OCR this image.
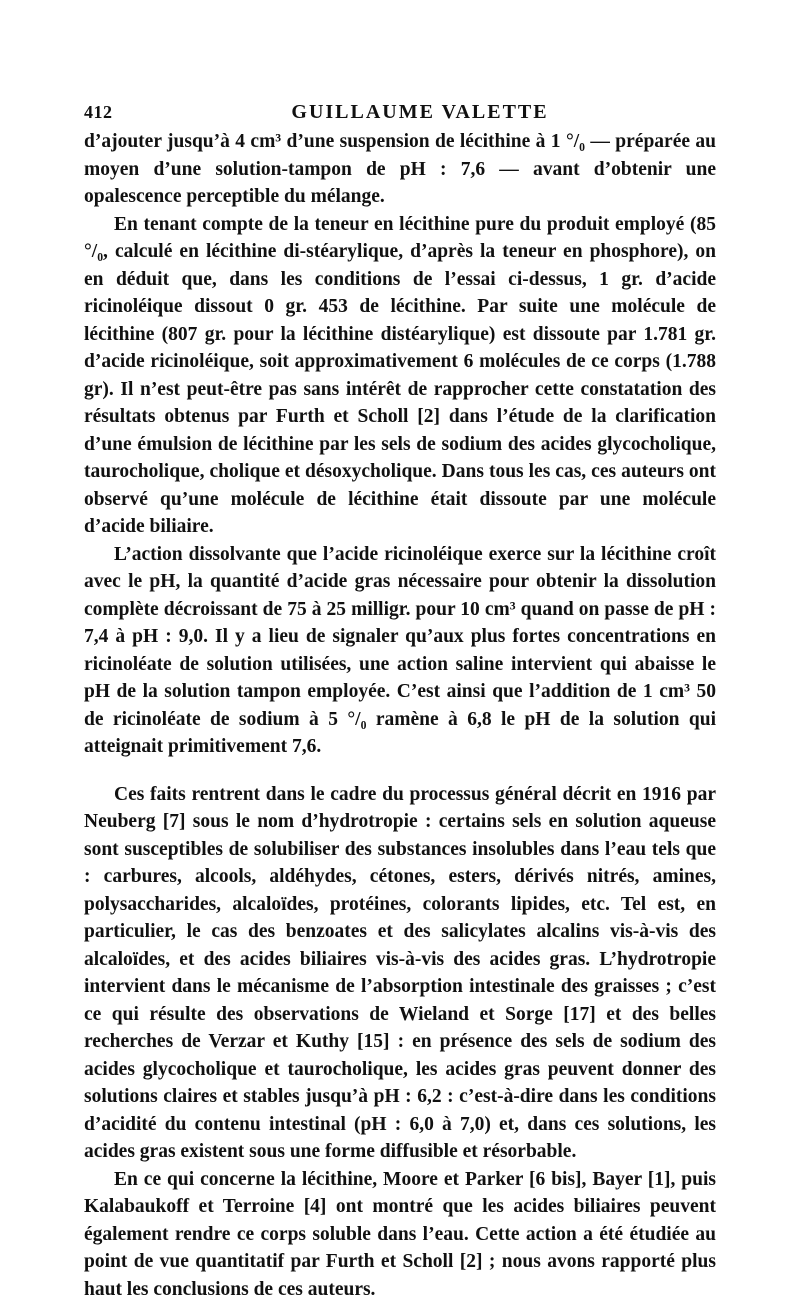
412	GUILLAUME VALETTE

d’ajouter jusqu’à 4 cm³ d’une suspension de lécithine à 1 °/₀ — préparée au moyen d’une solution-tampon de pH : 7,6 — avant d’obtenir une opalescence perceptible du mélange.

En tenant compte de la teneur en lécithine pure du produit employé (85 °/₀, calculé en lécithine di-stéarylique, d’après la teneur en phosphore), on en déduit que, dans les conditions de l’essai ci-dessus, 1 gr. d’acide ricinoléique dissout 0 gr. 453 de lécithine. Par suite une molécule de lécithine (807 gr. pour la lécithine distéarylique) est dissoute par 1.781 gr. d’acide ricinoléique, soit approximativement 6 molécules de ce corps (1.788 gr). Il n’est peut-être pas sans intérêt de rapprocher cette constatation des résultats obtenus par Furth et Scholl [2] dans l’étude de la clarification d’une émulsion de lécithine par les sels de sodium des acides glycocholique, taurocholique, cholique et désoxycholique. Dans tous les cas, ces auteurs ont observé qu’une molécule de lécithine était dissoute par une molécule d’acide biliaire.

L’action dissolvante que l’acide ricinoléique exerce sur la lécithine croît avec le pH, la quantité d’acide gras nécessaire pour obtenir la dissolution complète décroissant de 75 à 25 milligr. pour 10 cm³ quand on passe de pH : 7,4 à pH : 9,0. Il y a lieu de signaler qu’aux plus fortes concentrations en ricinoléate de solution utilisées, une action saline intervient qui abaisse le pH de la solution tampon employée. C’est ainsi que l’addition de 1 cm³ 50 de ricinoléate de sodium à 5 °/₀ ramène à 6,8 le pH de la solution qui atteignait primitivement 7,6.

Ces faits rentrent dans le cadre du processus général décrit en 1916 par Neuberg [7] sous le nom d’hydrotropie : certains sels en solution aqueuse sont susceptibles de solubiliser des substances insolubles dans l’eau tels que : carbures, alcools, aldéhydes, cétones, esters, dérivés nitrés, amines, polysaccharides, alcaloïdes, protéines, colorants lipides, etc. Tel est, en particulier, le cas des benzoates et des salicylates alcalins vis-à-vis des alcaloïdes, et des acides biliaires vis-à-vis des acides gras. L’hydrotropie intervient dans le mécanisme de l’absorption intestinale des graisses ; c’est ce qui résulte des observations de Wieland et Sorge [17] et des belles recherches de Verzar et Kuthy [15] : en présence des sels de sodium des acides glycocholique et taurocholique, les acides gras peuvent donner des solutions claires et stables jusqu’à pH : 6,2 : c’est-à-dire dans les conditions d’acidité du contenu intestinal (pH : 6,0 à 7,0) et, dans ces solutions, les acides gras existent sous une forme diffusible et résorbable.

En ce qui concerne la lécithine, Moore et Parker [6 bis], Bayer [1], puis Kalabaukoff et Terroine [4] ont montré que les acides biliaires peuvent également rendre ce corps soluble dans l’eau. Cette action a été étudiée au point de vue quantitatif par Furth et Scholl [2] ; nous avons rapporté plus haut les conclusions de ces auteurs.
